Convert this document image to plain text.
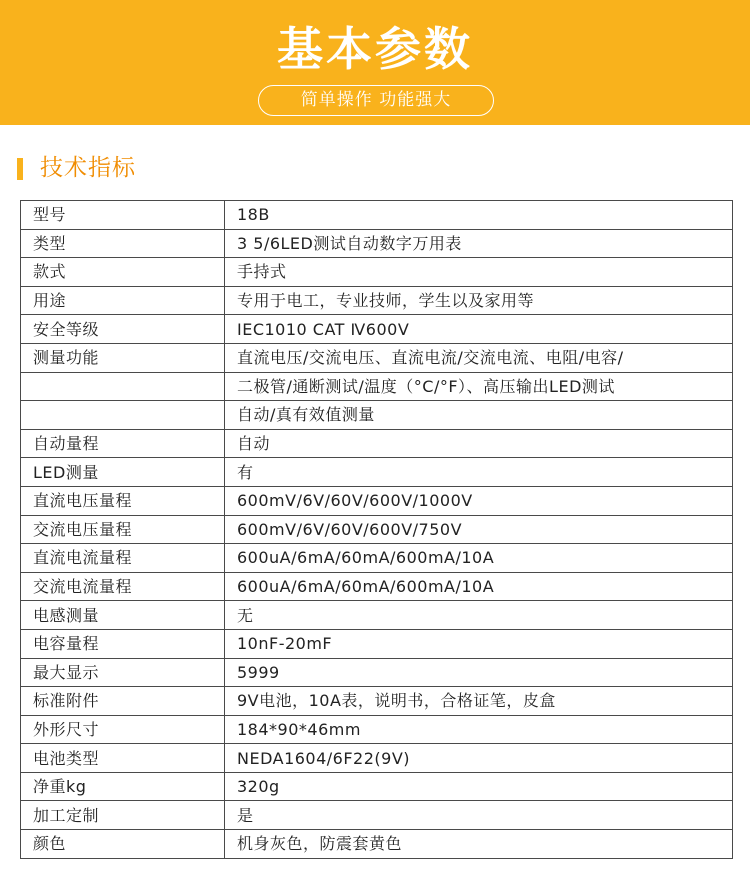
基本参数
简单操作 功能强大
技术指标
型号	18B
类型	3 5/6LED测试自动数字万用表
款式	手持式
用途	专用于电工，专业技师，学生以及家用等
安全等级	IEC1010 CAT Ⅳ600V
测量功能	直流电压/交流电压、直流电流/交流电流、电阻/电容/
	二极管/通断测试/温度（°C/°F）、高压输出LED测试
	自动/真有效值测量
自动量程	自动
LED测量	有
直流电压量程	600mV/6V/60V/600V/1000V
交流电压量程	600mV/6V/60V/600V/750V
直流电流量程	600uA/6mA/60mA/600mA/10A
交流电流量程	600uA/6mA/60mA/600mA/10A
电感测量	无
电容量程	10nF-20mF
最大显示	5999
标准附件	9V电池，10A表，说明书，合格证笔，皮盒
外形尺寸	184*90*46mm
电池类型	NEDA1604/6F22(9V)
净重kg	320g
加工定制	是
颜色	机身灰色，防震套黄色
